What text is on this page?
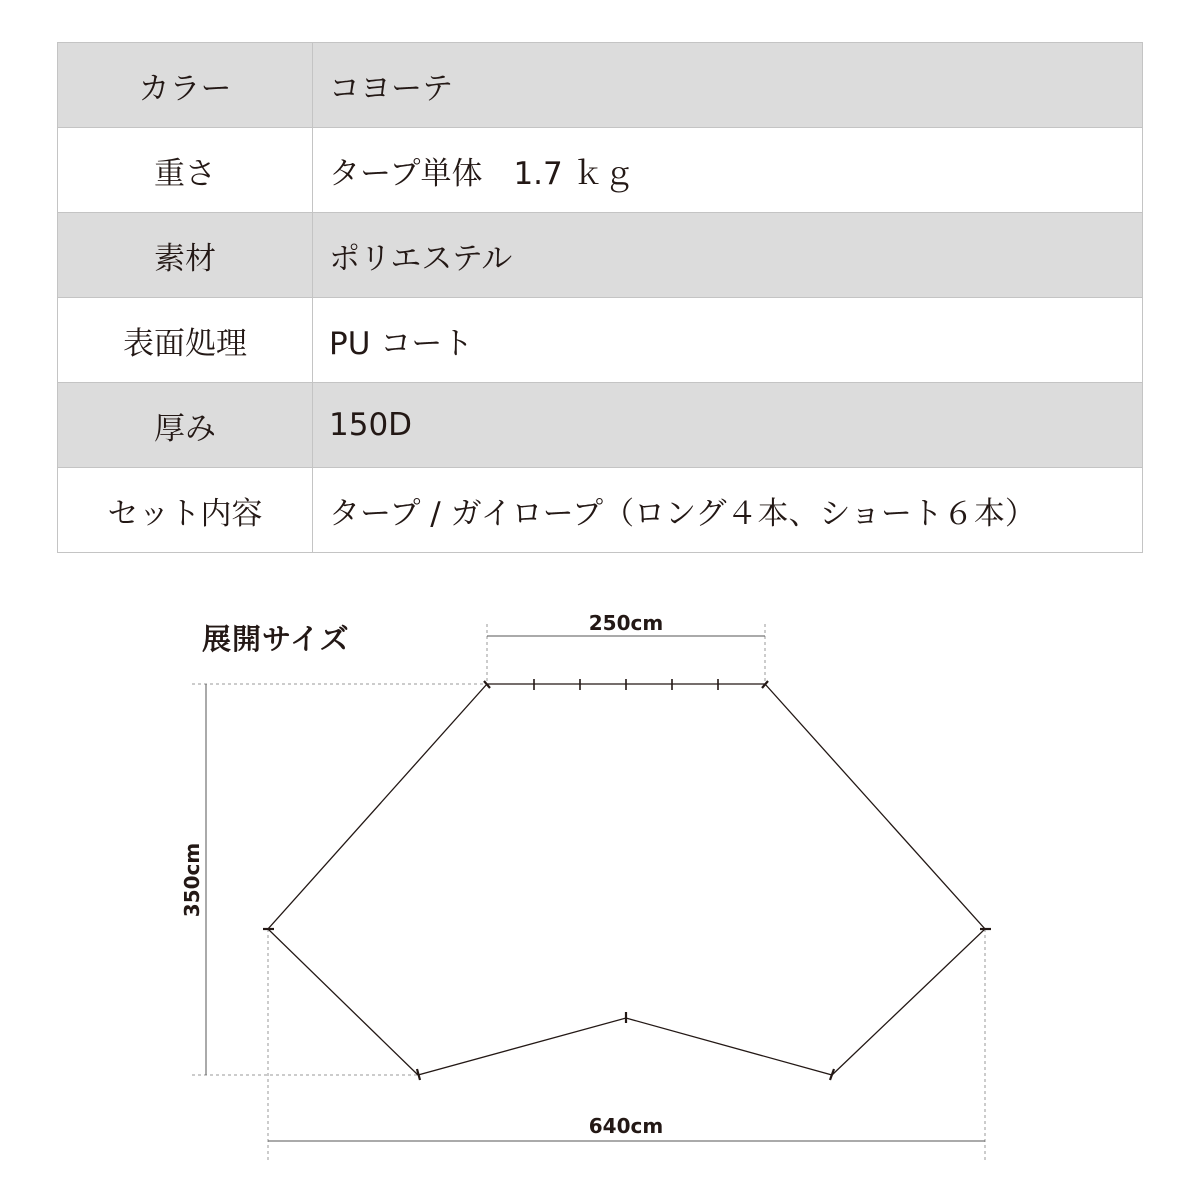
カラー	コヨーテ
重さ	タープ単体　1.7 ｋｇ
素材	ポリエステル
表面処理	PU コート
厚み	150D
セット内容	タープ / ガイロープ（ロング４本、ショート６本）
展開サイズ	250cm
350cm
640cm
